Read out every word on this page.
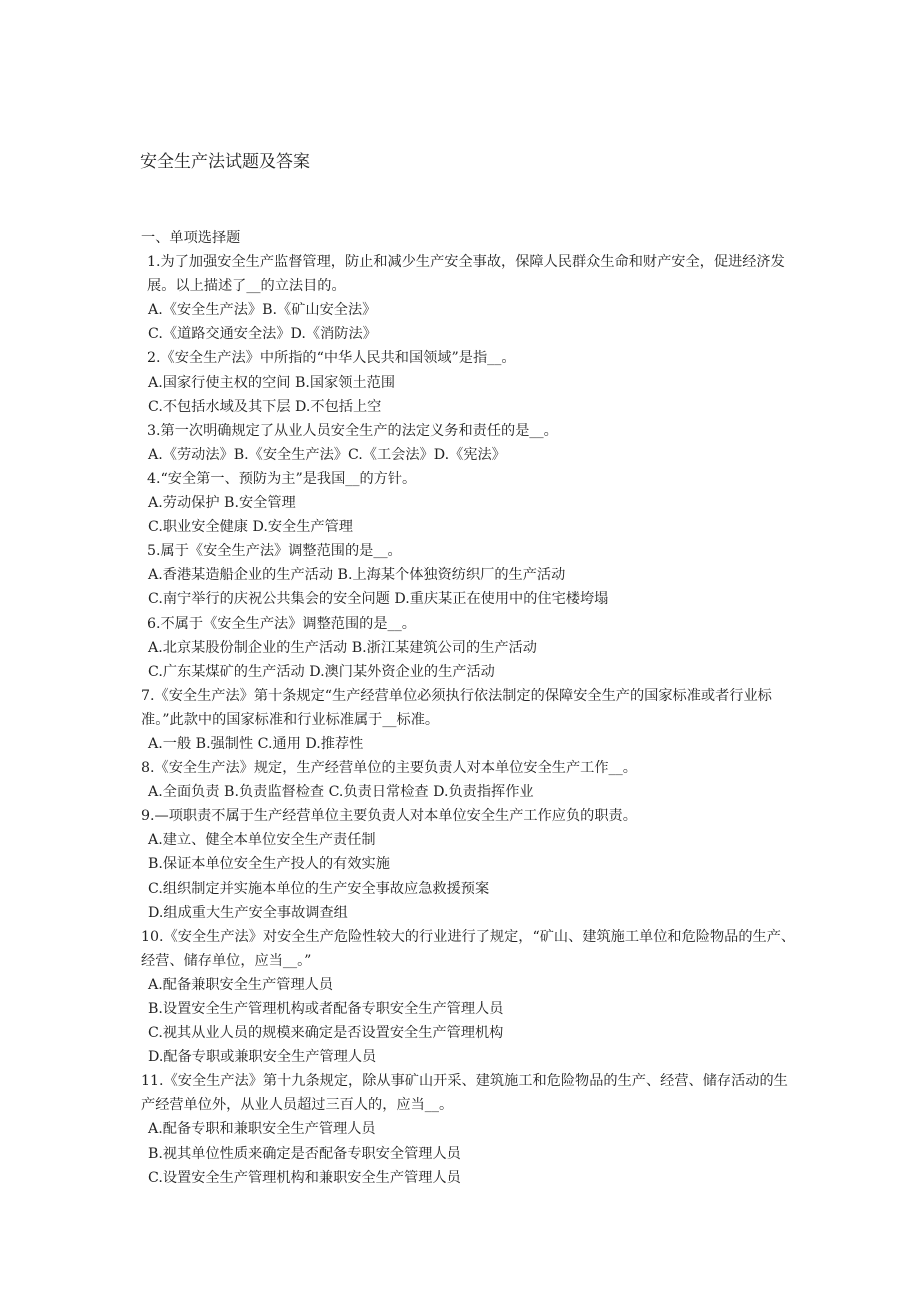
安全生产法试题及答案
一、单项选择题
1.为了加强安全生产监督管理，防止和减少生产安全事故，保障人民群众生命和财产安全，促进经济发展。以上描述了__的立法目的。
A.《安全生产法》B.《矿山安全法》
C.《道路交通安全法》D.《消防法》
2.《安全生产法》中所指的“中华人民共和国领域”是指__。
A.国家行使主权的空间 B.国家领土范围
C.不包括水域及其下层 D.不包括上空
3.第一次明确规定了从业人员安全生产的法定义务和责任的是__。
A.《劳动法》B.《安全生产法》C.《工会法》D.《宪法》
4.“安全第一、预防为主”是我国__的方针。
A.劳动保护 B.安全管理
C.职业安全健康 D.安全生产管理
5.属于《安全生产法》调整范围的是__。
A.香港某造船企业的生产活动 B.上海某个体独资纺织厂的生产活动
C.南宁举行的庆祝公共集会的安全问题 D.重庆某正在使用中的住宅楼垮塌
6.不属于《安全生产法》调整范围的是__。
A.北京某股份制企业的生产活动 B.浙江某建筑公司的生产活动
C.广东某煤矿的生产活动 D.澳门某外资企业的生产活动
7.《安全生产法》第十条规定“生产经营单位必须执行依法制定的保障安全生产的国家标准或者行业标准。”此款中的国家标准和行业标准属于__标准。
A.一般 B.强制性 C.通用 D.推荐性
8.《安全生产法》规定，生产经营单位的主要负责人对本单位安全生产工作__。
A.全面负责 B.负责监督检查 C.负责日常检查 D.负责指挥作业
9.—项职责不属于生产经营单位主要负责人对本单位安全生产工作应负的职责。
A.建立、健全本单位安全生产责任制
B.保证本单位安全生产投人的有效实施
C.组织制定并实施本单位的生产安全事故应急救援预案
D.组成重大生产安全事故调查组
10.《安全生产法》对安全生产危险性较大的行业进行了规定，“矿山、建筑施工单位和危险物品的生产、经营、储存单位，应当__。”
A.配备兼职安全生产管理人员
B.设置安全生产管理机构或者配备专职安全生产管理人员
C.视其从业人员的规模来确定是否设置安全生产管理机构
D.配备专职或兼职安全生产管理人员
11.《安全生产法》第十九条规定，除从事矿山开采、建筑施工和危险物品的生产、经营、储存活动的生产经营单位外，从业人员超过三百人的，应当__。
A.配备专职和兼职安全生产管理人员
B.视其单位性质来确定是否配备专职安全管理人员
C.设置安全生产管理机构和兼职安全生产管理人员
